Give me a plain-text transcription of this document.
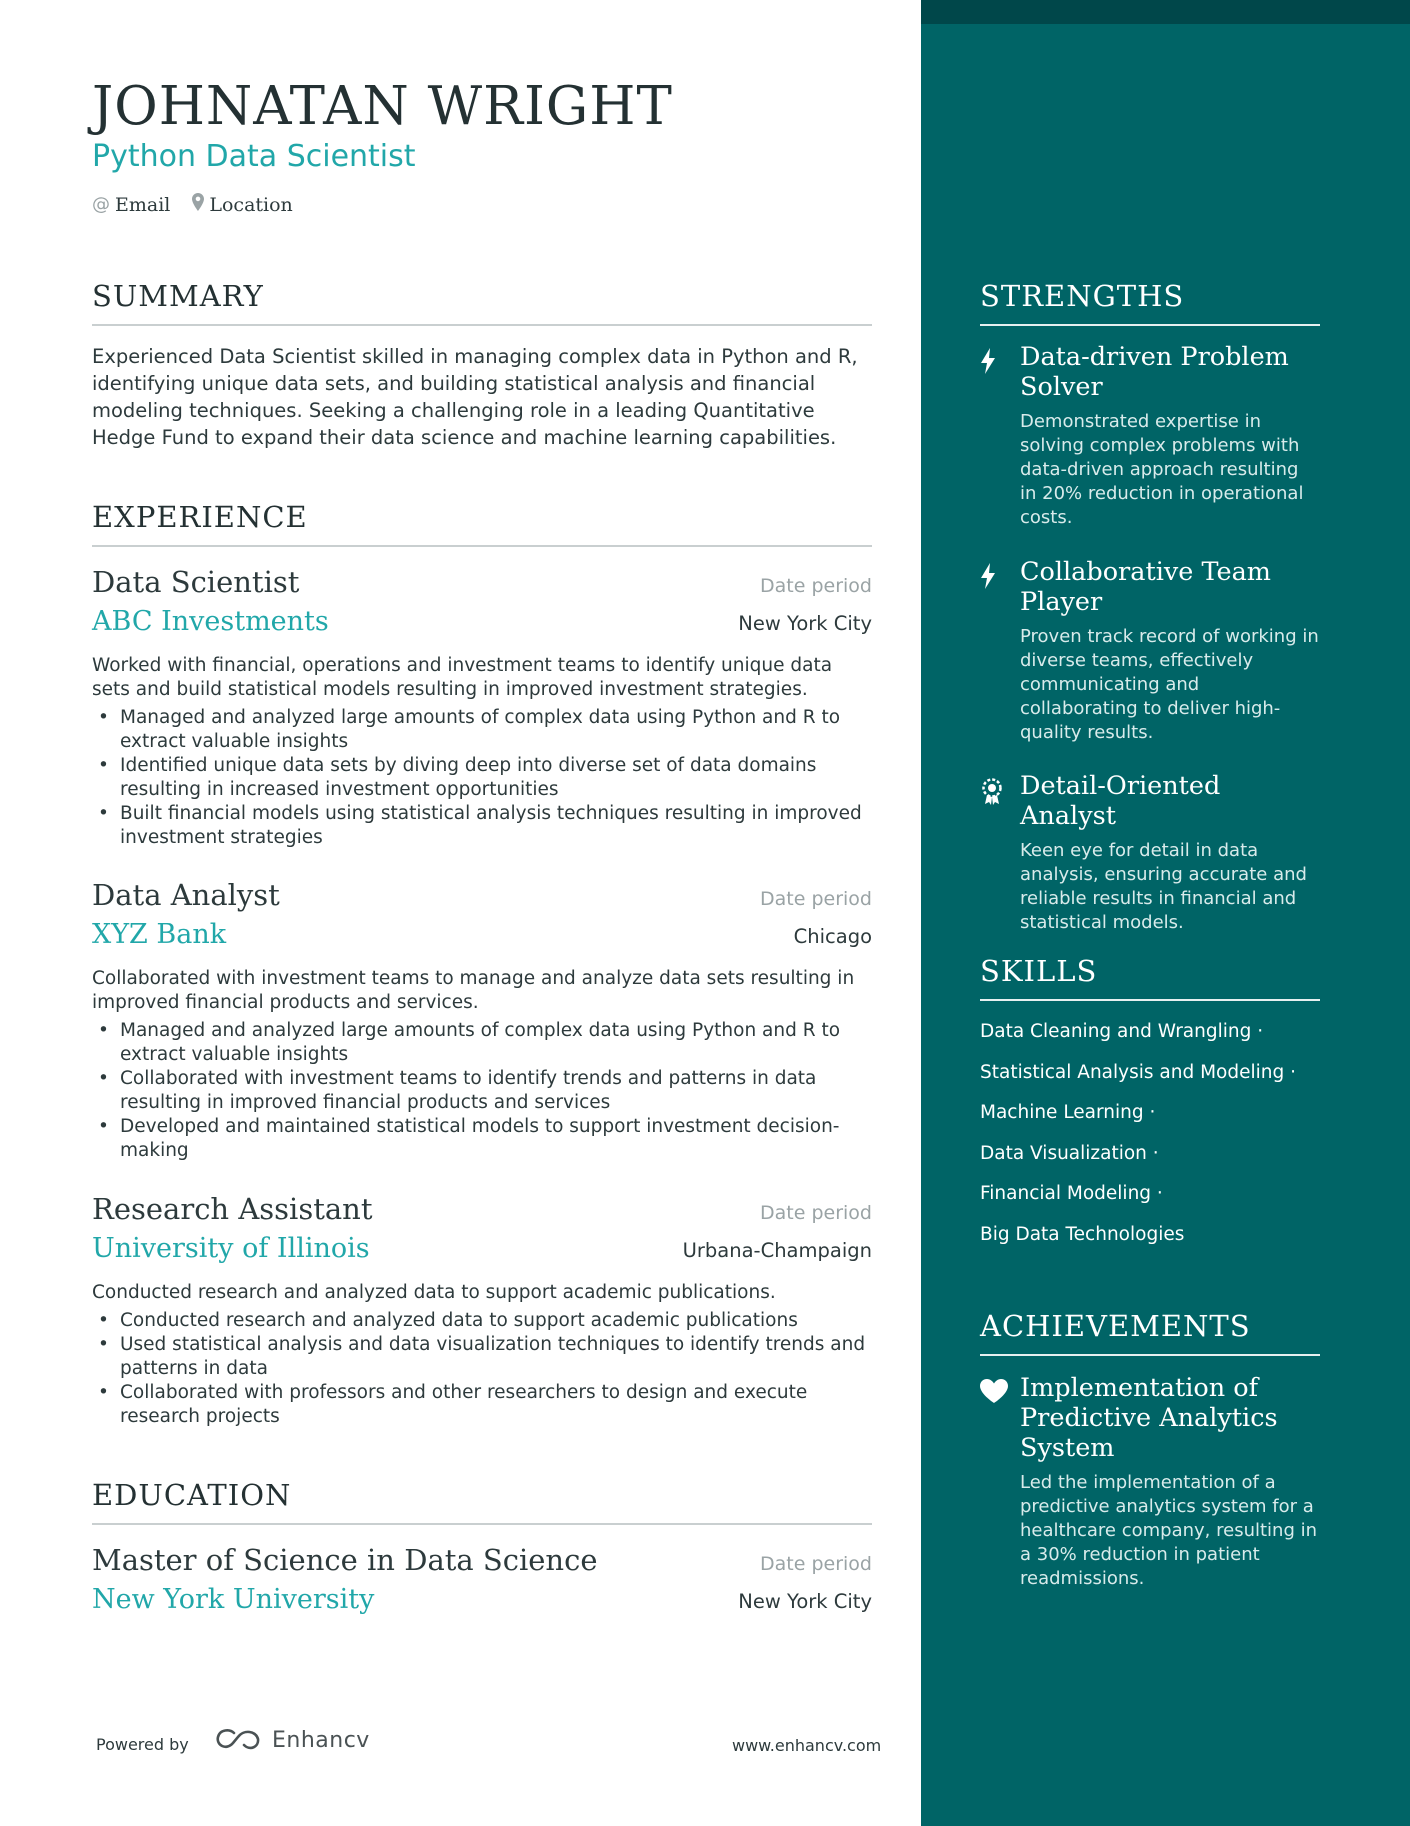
JOHNATAN WRIGHT
Python Data Scientist
@ Email Location
SUMMARY
Experienced Data Scientist skilled in managing complex data in Python and R, identifying unique data sets, and building statistical analysis and financial modeling techniques. Seeking a challenging role in a leading Quantitative Hedge Fund to expand their data science and machine learning capabilities.
EXPERIENCE
Data Scientist	Date period
ABC Investments	New York City
Worked with financial, operations and investment teams to identify unique data sets and build statistical models resulting in improved investment strategies.
• Managed and analyzed large amounts of complex data using Python and R to extract valuable insights
• Identified unique data sets by diving deep into diverse set of data domains resulting in increased investment opportunities
• Built financial models using statistical analysis techniques resulting in improved investment strategies
Data Analyst	Date period
XYZ Bank	Chicago
Collaborated with investment teams to manage and analyze data sets resulting in improved financial products and services.
• Managed and analyzed large amounts of complex data using Python and R to extract valuable insights
• Collaborated with investment teams to identify trends and patterns in data resulting in improved financial products and services
• Developed and maintained statistical models to support investment decision-making
Research Assistant	Date period
University of Illinois	Urbana-Champaign
Conducted research and analyzed data to support academic publications.
• Conducted research and analyzed data to support academic publications
• Used statistical analysis and data visualization techniques to identify trends and patterns in data
• Collaborated with professors and other researchers to design and execute research projects
EDUCATION
Master of Science in Data Science	Date period
New York University	New York City
STRENGTHS
Data-driven Problem Solver
Demonstrated expertise in solving complex problems with data-driven approach resulting in 20% reduction in operational costs.
Collaborative Team Player
Proven track record of working in diverse teams, effectively communicating and collaborating to deliver high-quality results.
Detail-Oriented Analyst
Keen eye for detail in data analysis, ensuring accurate and reliable results in financial and statistical models.
SKILLS
Data Cleaning and Wrangling ·
Statistical Analysis and Modeling ·
Machine Learning ·
Data Visualization ·
Financial Modeling ·
Big Data Technologies
ACHIEVEMENTS
Implementation of Predictive Analytics System
Led the implementation of a predictive analytics system for a healthcare company, resulting in a 30% reduction in patient readmissions.
Powered by	Enhancv	www.enhancv.com
